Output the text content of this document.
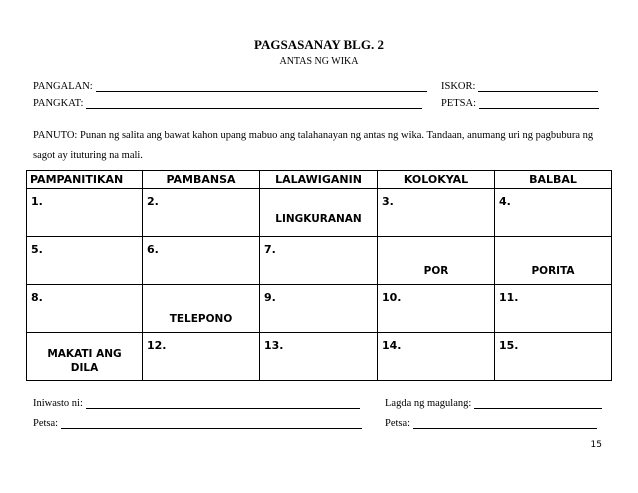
PAGSASANAY BLG. 2
ANTAS NG WIKA
PANGALAN:	ISKOR:
PANGKAT:	PETSA:
PANUTO: Punan ng salita ang bawat kahon upang mabuo ang talahanayan ng antas ng wika. Tandaan, anumang uri ng pagbubura ng sagot ay ituturing na mali.
PAMPANITIKAN	PAMBANSA	LALAWIGANIN	KOLOKYAL	BALBAL

1.	2.	LINGKURANAN	3.	4.

5.	6.	7.	POR	PORITA

8.	TELEPONO	9.	10.	11.

MAKATI ANG DILA	12.	13.	14.	15.
Iniwasto ni:
Petsa:
Lagda ng magulang:
Petsa:
15
